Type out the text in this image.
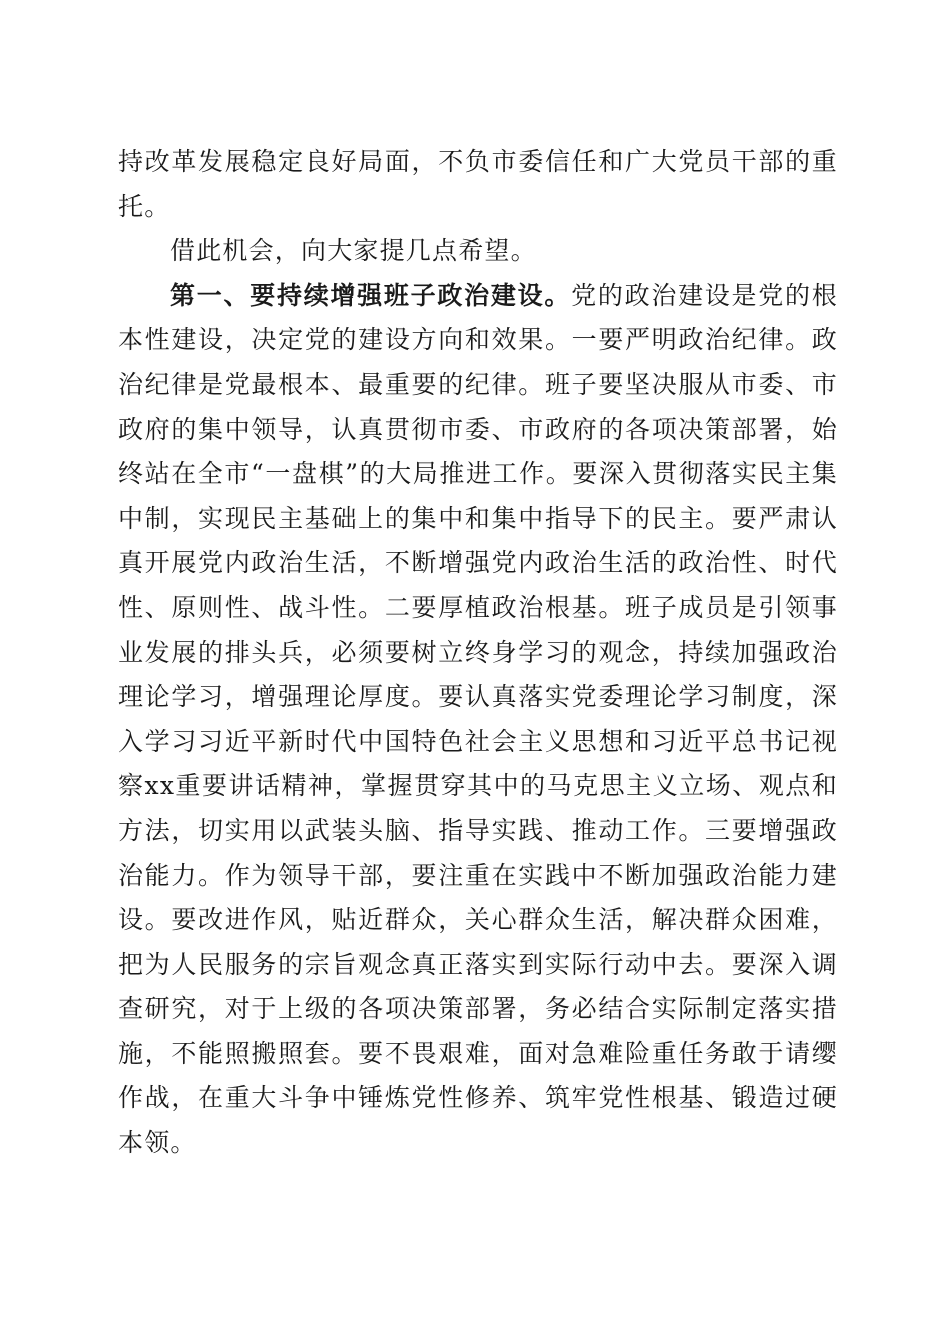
持改革发展稳定良好局面，不负市委信任和广大党员干部的重托。

借此机会，向大家提几点希望。

第一、要持续增强班子政治建设。党的政治建设是党的根本性建设，决定党的建设方向和效果。一要严明政治纪律。政治纪律是党最根本、最重要的纪律。班子要坚决服从市委、市政府的集中领导，认真贯彻市委、市政府的各项决策部署，始终站在全市“一盘棋”的大局推进工作。要深入贯彻落实民主集中制，实现民主基础上的集中和集中指导下的民主。要严肃认真开展党内政治生活，不断增强党内政治生活的政治性、时代性、原则性、战斗性。二要厚植政治根基。班子成员是引领事业发展的排头兵，必须要树立终身学习的观念，持续加强政治理论学习，增强理论厚度。要认真落实党委理论学习制度，深入学习习近平新时代中国特色社会主义思想和习近平总书记视察xx重要讲话精神，掌握贯穿其中的马克思主义立场、观点和方法，切实用以武装头脑、指导实践、推动工作。三要增强政治能力。作为领导干部，要注重在实践中不断加强政治能力建设。要改进作风，贴近群众，关心群众生活，解决群众困难，把为人民服务的宗旨观念真正落实到实际行动中去。要深入调查研究，对于上级的各项决策部署，务必结合实际制定落实措施，不能照搬照套。要不畏艰难，面对急难险重任务敢于请缨作战，在重大斗争中锤炼党性修养、筑牢党性根基、锻造过硬本领。
